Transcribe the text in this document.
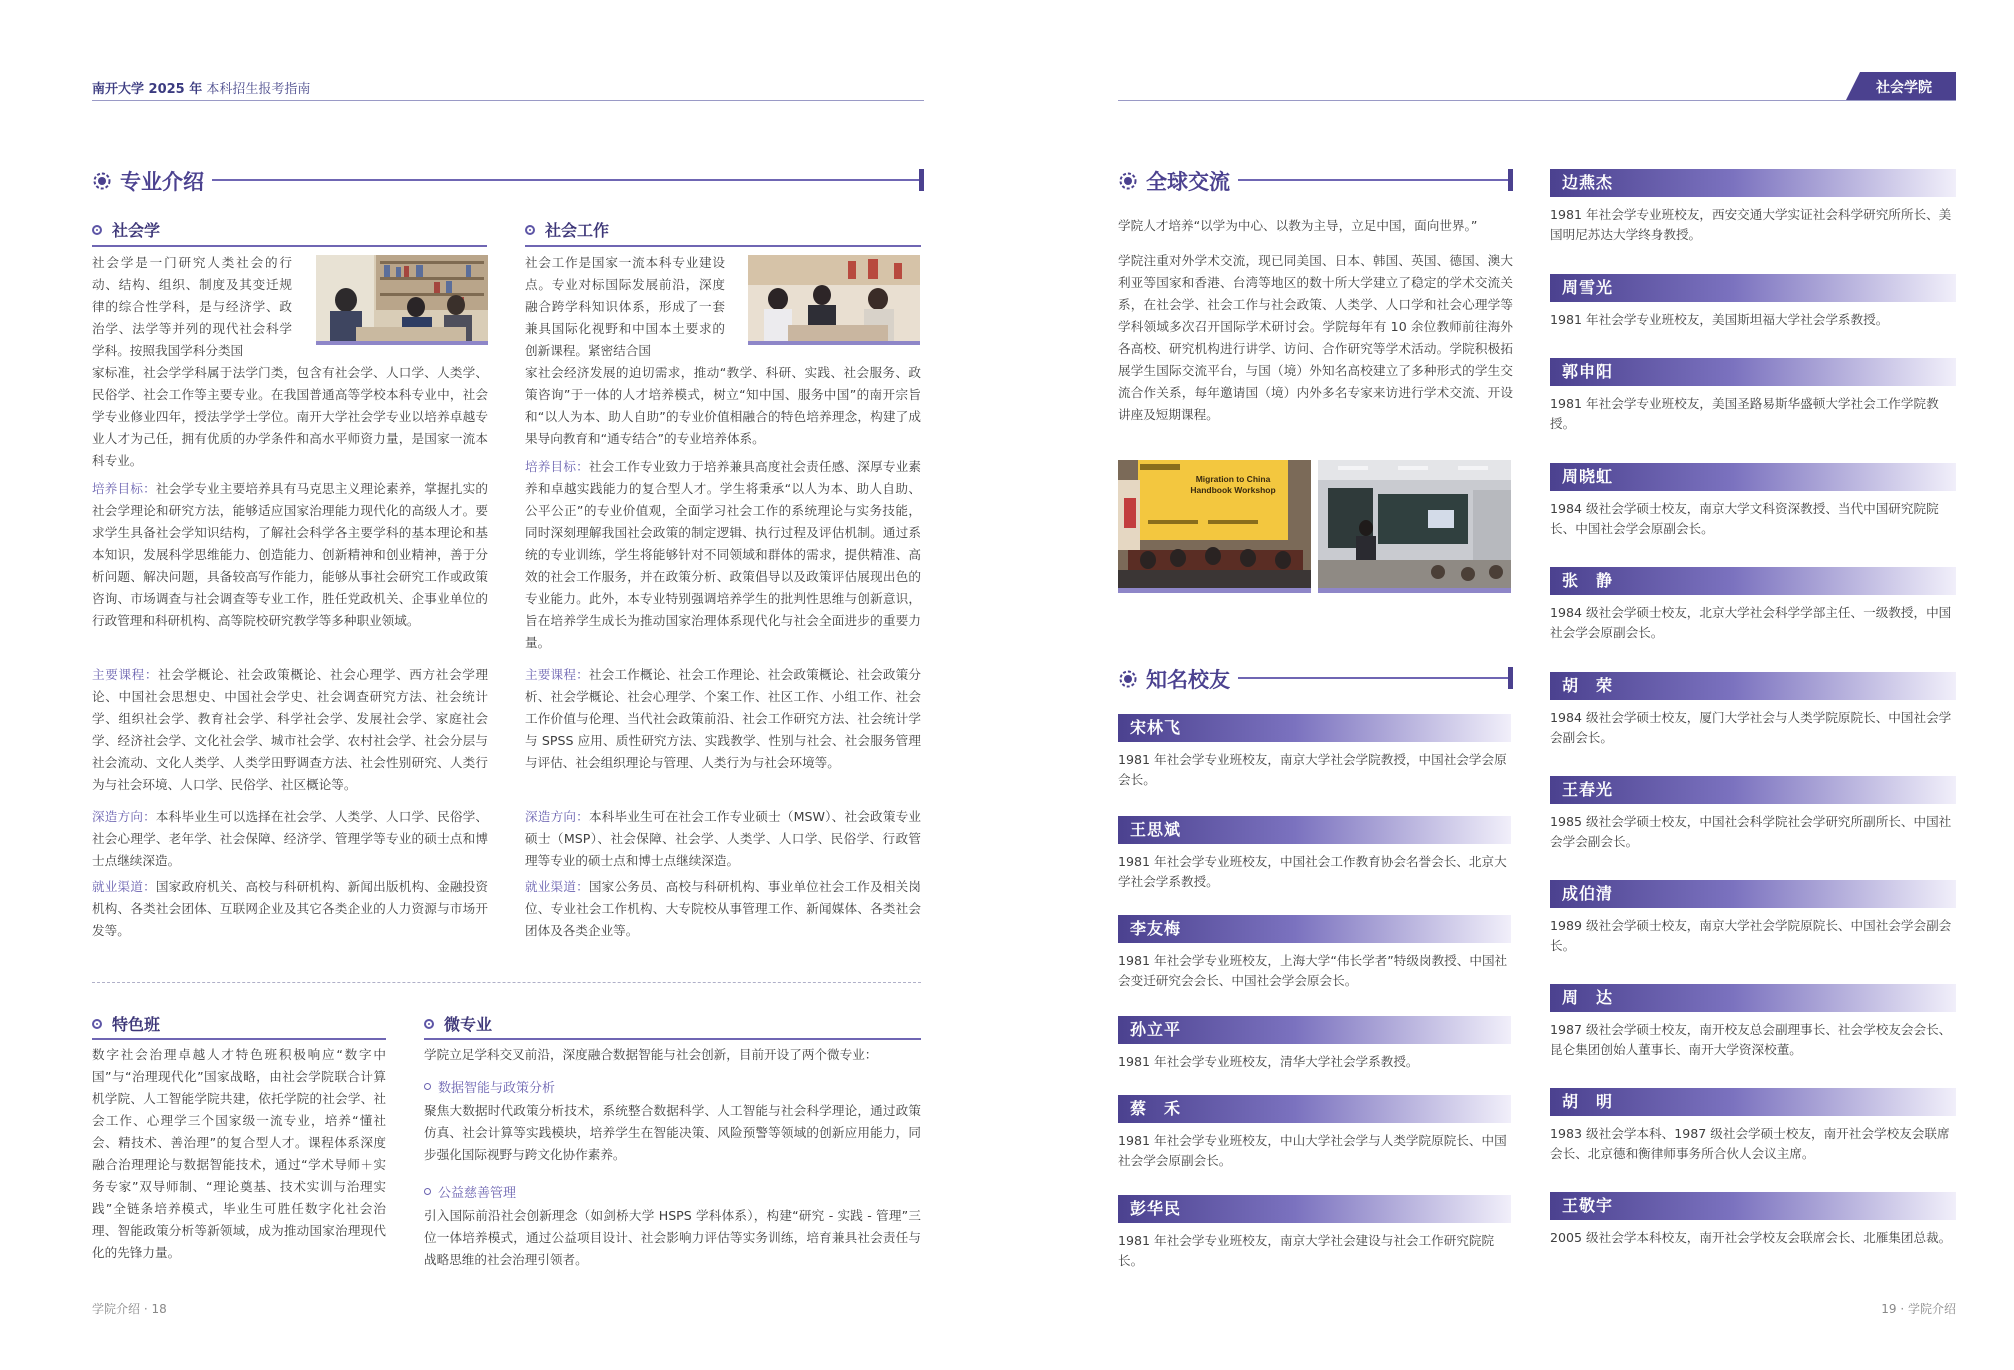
南开大学 2025 年 本科招生报考指南	社会学院
专业介绍
社会学
社会学是一门研究人类社会的行动、结构、组织、制度及其变迁规律的综合性学科，是与经济学、政治学、法学等并列的现代社会科学学科。按照我国学科分类国
家标准，社会学学科属于法学门类，包含有社会学、人口学、人类学、民俗学、社会工作等主要专业。在我国普通高等学校本科专业中，社会学专业修业四年，授法学学士学位。南开大学社会学专业以培养卓越专业人才为己任，拥有优质的办学条件和高水平师资力量，是国家一流本科专业。
培养目标：社会学专业主要培养具有马克思主义理论素养，掌握扎实的社会学理论和研究方法，能够适应国家治理能力现代化的高级人才。要求学生具备社会学知识结构，了解社会科学各主要学科的基本理论和基本知识，发展科学思维能力、创造能力、创新精神和创业精神，善于分析问题、解决问题，具备较高写作能力，能够从事社会研究工作或政策咨询、市场调查与社会调查等专业工作，胜任党政机关、企事业单位的行政管理和科研机构、高等院校研究教学等多种职业领域。
主要课程：社会学概论、社会政策概论、社会心理学、西方社会学理论、中国社会思想史、中国社会学史、社会调查研究方法、社会统计学、组织社会学、教育社会学、科学社会学、发展社会学、家庭社会学、经济社会学、文化社会学、城市社会学、农村社会学、社会分层与社会流动、文化人类学、人类学田野调查方法、社会性别研究、人类行为与社会环境、人口学、民俗学、社区概论等。
深造方向：本科毕业生可以选择在社会学、人类学、人口学、民俗学、社会心理学、老年学、社会保障、经济学、管理学等专业的硕士点和博士点继续深造。
就业渠道：国家政府机关、高校与科研机构、新闻出版机构、金融投资机构、各类社会团体、互联网企业及其它各类企业的人力资源与市场开发等。
社会工作
社会工作是国家一流本科专业建设点。专业对标国际发展前沿，深度融合跨学科知识体系，形成了一套兼具国际化视野和中国本土要求的创新课程。紧密结合国
家社会经济发展的迫切需求，推动“教学、科研、实践、社会服务、政策咨询”于一体的人才培养模式，树立“知中国、服务中国”的南开宗旨和“以人为本、助人自助”的专业价值相融合的特色培养理念，构建了成果导向教育和“通专结合”的专业培养体系。
培养目标：社会工作专业致力于培养兼具高度社会责任感、深厚专业素养和卓越实践能力的复合型人才。学生将秉承“以人为本、助人自助、公平公正”的专业价值观，全面学习社会工作的系统理论与实务技能，同时深刻理解我国社会政策的制定逻辑、执行过程及评估机制。通过系统的专业训练，学生将能够针对不同领域和群体的需求，提供精准、高效的社会工作服务，并在政策分析、政策倡导以及政策评估展现出色的专业能力。此外，本专业特别强调培养学生的批判性思维与创新意识，旨在培养学生成长为推动国家治理体系现代化与社会全面进步的重要力量。
主要课程：社会工作概论、社会工作理论、社会政策概论、社会政策分析、社会学概论、社会心理学、个案工作、社区工作、小组工作、社会工作价值与伦理、当代社会政策前沿、社会工作研究方法、社会统计学与 SPSS 应用、质性研究方法、实践教学、性别与社会、社会服务管理与评估、社会组织理论与管理、人类行为与社会环境等。
深造方向：本科毕业生可在社会工作专业硕士（MSW）、社会政策专业硕士（MSP）、社会保障、社会学、人类学、人口学、民俗学、行政管理等专业的硕士点和博士点继续深造。
就业渠道：国家公务员、高校与科研机构、事业单位社会工作及相关岗位、专业社会工作机构、大专院校从事管理工作、新闻媒体、各类社会团体及各类企业等。
特色班
数字社会治理卓越人才特色班积极响应“数字中国”与“治理现代化”国家战略，由社会学院联合计算机学院、人工智能学院共建，依托学院的社会学、社会工作、心理学三个国家级一流专业，培养“懂社会、精技术、善治理”的复合型人才。课程体系深度融合治理理论与数据智能技术，通过“学术导师＋实务专家”双导师制、“理论奠基、技术实训与治理实践”全链条培养模式，毕业生可胜任数字化社会治理、智能政策分析等新领域，成为推动国家治理现代化的先锋力量。
微专业
学院立足学科交叉前沿，深度融合数据智能与社会创新，目前开设了两个微专业：
数据智能与政策分析
聚焦大数据时代政策分析技术，系统整合数据科学、人工智能与社会科学理论，通过政策仿真、社会计算等实践模块，培养学生在智能决策、风险预警等领域的创新应用能力，同步强化国际视野与跨文化协作素养。
公益慈善管理
引入国际前沿社会创新理念（如剑桥大学 HSPS 学科体系），构建“研究 - 实践 - 管理”三位一体培养模式，通过公益项目设计、社会影响力评估等实务训练，培育兼具社会责任与战略思维的社会治理引领者。
学院介绍 · 18
全球交流
学院人才培养“以学为中心、以教为主导，立足中国，面向世界。”
学院注重对外学术交流，现已同美国、日本、韩国、英国、德国、澳大利亚等国家和香港、台湾等地区的数十所大学建立了稳定的学术交流关系，在社会学、社会工作与社会政策、人类学、人口学和社会心理学等学科领域多次召开国际学术研讨会。学院每年有 10 余位教师前往海外各高校、研究机构进行讲学、访问、合作研究等学术活动。学院积极拓展学生国际交流平台，与国（境）外知名高校建立了多种形式的学生交流合作关系，每年邀请国（境）内外多名专家来访进行学术交流、开设讲座及短期课程。
Migration to China Handbook Workshop
知名校友
宋林飞
1981 年社会学专业班校友，南京大学社会学院教授，中国社会学会原会长。
王思斌
1981 年社会学专业班校友，中国社会工作教育协会名誉会长、北京大学社会学系教授。
李友梅
1981 年社会学专业班校友，上海大学“伟长学者”特级岗教授、中国社会变迁研究会会长、中国社会学会原会长。
孙立平
1981 年社会学专业班校友，清华大学社会学系教授。
蔡　禾
1981 年社会学专业班校友，中山大学社会学与人类学院原院长、中国社会学会原副会长。
彭华民
1981 年社会学专业班校友，南京大学社会建设与社会工作研究院院长。
边燕杰
1981 年社会学专业班校友，西安交通大学实证社会科学研究所所长、美国明尼苏达大学终身教授。
周雪光
1981 年社会学专业班校友，美国斯坦福大学社会学系教授。
郭申阳
1981 年社会学专业班校友，美国圣路易斯华盛顿大学社会工作学院教授。
周晓虹
1984 级社会学硕士校友，南京大学文科资深教授、当代中国研究院院长、中国社会学会原副会长。
张　静
1984 级社会学硕士校友，北京大学社会科学学部主任、一级教授，中国社会学会原副会长。
胡　荣
1984 级社会学硕士校友，厦门大学社会与人类学院原院长、中国社会学会副会长。
王春光
1985 级社会学硕士校友，中国社会科学院社会学研究所副所长、中国社会学会副会长。
成伯清
1989 级社会学硕士校友，南京大学社会学院原院长、中国社会学会副会长。
周　达
1987 级社会学硕士校友，南开校友总会副理事长、社会学校友会会长、昆仑集团创始人董事长、南开大学资深校董。
胡　明
1983 级社会学本科、1987 级社会学硕士校友，南开社会学校友会联席会长、北京德和衡律师事务所合伙人会议主席。
王敬宇
2005 级社会学本科校友，南开社会学校友会联席会长、北雁集团总裁。
19 · 学院介绍
